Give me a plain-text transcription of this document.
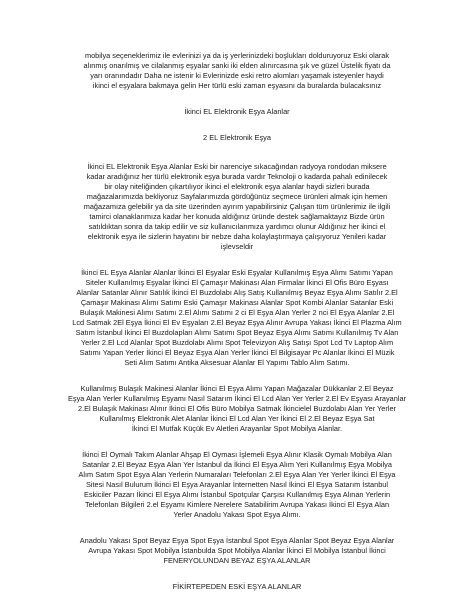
mobilya seçeneklerimiz ile evlerinizi ya da iş yerlerinizdeki boşlukları dolduruyoruz Eski olarak
alınmış onarılmış ve cilalanmış eşyalar sanki iki elden alınırcasına şık ve güzel Üstelik fiyatı da
yarı oranındadır Daha ne istenir ki Evlerinizde eski retro akımları yaşamak isteyenler haydi
ikinci el eşyalara bakmaya gelin Her türlü eski zaman eşyasını da buralarda bulacaksınız

İkinci EL Elektronik Eşya Alanlar

2 EL Elektronik Eşya

İkinci EL Elektronik Eşya Alanlar Eski bir narenciye sıkacağından radyoya rondodan miksere
kadar aradığınız her türlü elektronik eşya burada vardır Teknoloji o kadarda pahalı edinilecek
bir olay niteliğinden çıkartılıyor ikinci el elektronik eşya alanlar haydi sizleri burada
mağazalarımızda bekliyoruz Sayfalarımızda gördüğünüz seçmece ürünleri almak için hemen
mağazamıza gelebilir ya da site üzerinden ayırım yapabilirsiniz Çalışan tüm ürünlerimiz ile ilgili
tamirci olanaklarımıza kadar her konuda aldığınız üründe destek sağlamaktayız Bizde ürün
satıldıktan sonra da takip edilir ve siz kullanıcılarımıza yardımcı olunur Aldığınız her ikinci el
elektronik eşya ile sizlerin hayatını bir nebze daha kolaylaştırmaya çalışıyoruz Yenileri kadar
işlevseldir

İkinci EL Eşya Alanlar Alanlar İkinci El Eşyalar Eski Eşyalar Kullanılmış Eşya Alımı Satımı Yapan
Siteler Kullanılmış Eşyalar İkinci El Çamaşır Makinası Alan Firmalar İkinci El Ofis Büro Eşyası
Alanlar Satanlar Alınır Satılık İkinci El Buzdolabı Alış Satış Kullanılmış Beyaz Eşya Alımı Satılır 2.El
Çamaşır Makinası Alımı Satımı Eski Çamaşır Makinası Alanlar Spot Kombi Alanlar Satanlar Eski
Bulaşık Makinesi Alımı Satımı 2.El Alımı Satımı 2 ci El Eşya Alan Yerler 2 nci El Eşya Alanlar 2.El
Lcd Satmak 2El Eşya İkinci El Ev Eşyaları 2.El Beyaz Eşya Alınır Avrupa Yakası İkinci El Plazma Alım
Satım İstanbul İkinci El Buzdolapları Alımı Satımı Spot Beyaz Eşya Alımı Satımı Kullanılmış Tv Alan
Yerler 2.El Lcd Alanlar Spot Buzdolabı Alımı Spot Televizyon Alış Satışı Spot Lcd Tv Laptop Alım
Satımı Yapan Yerler İkinci El Beyaz Eşya Alan Yerler İkinci El Bilgisayar Pc Alanlar İkinci El Müzik
Seti Alım Satımı Antika Aksesuar Alanlar El Yapımı Tablo Alım Satımı.

Kullanılmış Bulaşık Makinesi Alanlar İkinci El Eşya Alımı Yapan Mağazalar Dükkanlar 2.El Beyaz
Eşya Alan Yerler Kullanılmış Eşyamı Nasıl Satarım İkinci El Lcd Alan Yer Yerler 2.El Ev Eşyası Arayanlar
2.El Bulaşık Makinası Alınır İkinci El Ofis Büro Mobilya Satmak İkincielel Buzdolabı Alan Yer Yerler
Kullanılmış Elektronik Alet Alanlar İkinci El Lcd Alan Yer İkinci El 2.El Beyaz Eşya Sat
İkinci El Mutfak Küçük Ev Aletleri Arayanlar Spot Mobilya Alanlar.

İkinci El Oymalı Takım Alanlar Ahşap El Oyması İşlemeli Eşya Alınır Klasik Oymalı Mobilya Alan
Satanlar 2.El Beyaz Eşya Alan Yer İstanbul da İkinci El Eşya Alım Yeri Kullanılmış Eşya Mobilya
Alım Satım Spot Eşya Alan Yerlerin Numaraları Telefonları 2.El Eşya Alan Yer Yerler İkinci El Eşya
Sitesi Nasıl Bulurum İkinci El Eşya Arayanlar İnternetten Nasıl İkinci El Eşya Satarım İstanbul
Eskiciler Pazarı İkinci El Eşya Alımı İstanbul Spotçular Çarşısı Kullanılmış Eşya Alınan Yerlerin
Telefonları Bilgileri 2.el Eşyamı Kimlere Nerelere Satabilirim Avrupa Yakası İkinci El Eşya Alan
Yerler Anadolu Yakası Spot Eşya Alımı.

Anadolu Yakası Spot Beyaz Eşya Spot Eşya İstanbul Spot Eşya Alanlar Spot Beyaz Eşya Alanlar
Avrupa Yakası Spot Mobilya İstanbulda Spot Mobilya Alanlar İkinci El Mobilya İstanbul İkinci
FENERYOLUNDAN BEYAZ EŞYA ALANLAR

FİKİRTEPEDEN ESKİ EŞYA ALANLAR
